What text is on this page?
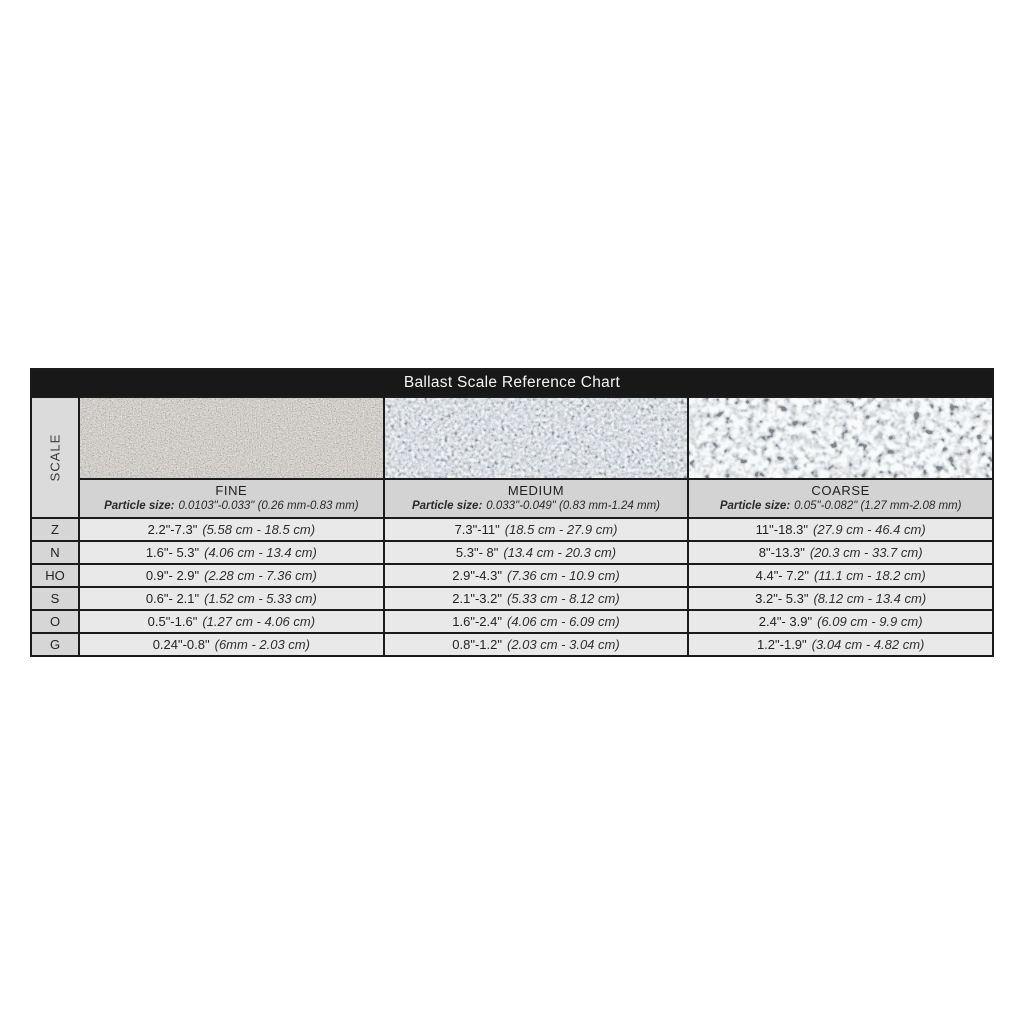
Ballast Scale Reference Chart
SCALE
FINE
Particle size: 0.0103"-0.033" (0.26 mm-0.83 mm)
MEDIUM
Particle size: 0.033"-0.049" (0.83 mm-1.24 mm)
COARSE
Particle size: 0.05"-0.082" (1.27 mm-2.08 mm)
Z	2.2"-7.3" (5.58 cm - 18.5 cm)	7.3"-11" (18.5 cm - 27.9 cm)	11"-18.3" (27.9 cm - 46.4 cm)
N	1.6"- 5.3" (4.06 cm - 13.4 cm)	5.3"- 8" (13.4 cm - 20.3 cm)	8"-13.3" (20.3 cm - 33.7 cm)
HO	0.9"- 2.9" (2.28 cm - 7.36 cm)	2.9"-4.3" (7.36 cm - 10.9 cm)	4.4"- 7.2" (11.1 cm - 18.2 cm)
S	0.6"- 2.1" (1.52 cm - 5.33 cm)	2.1"-3.2" (5.33 cm - 8.12 cm)	3.2"- 5.3" (8.12 cm - 13.4 cm)
O	0.5"-1.6" (1.27 cm - 4.06 cm)	1.6"-2.4" (4.06 cm - 6.09 cm)	2.4"- 3.9" (6.09 cm - 9.9 cm)
G	0.24"-0.8" (6mm - 2.03 cm)	0.8"-1.2" (2.03 cm - 3.04 cm)	1.2"-1.9" (3.04 cm - 4.82 cm)
